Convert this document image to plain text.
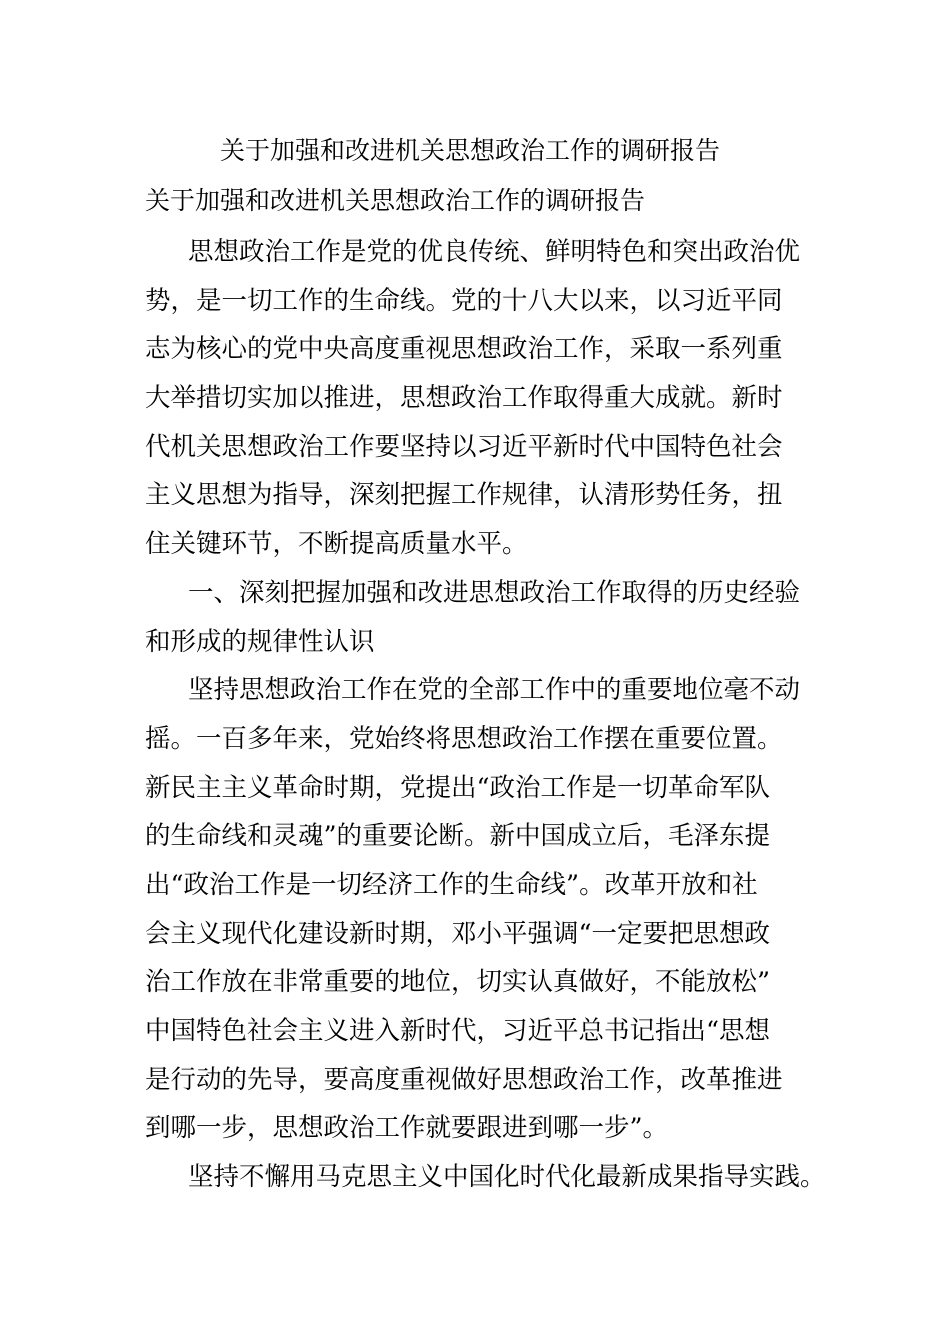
关于加强和改进机关思想政治工作的调研报告
关于加强和改进机关思想政治工作的调研报告
思想政治工作是党的优良传统、鲜明特色和突出政治优
势，是一切工作的生命线。党的十八大以来，以习近平同
志为核心的党中央高度重视思想政治工作，采取一系列重
大举措切实加以推进，思想政治工作取得重大成就。新时
代机关思想政治工作要坚持以习近平新时代中国特色社会
主义思想为指导，深刻把握工作规律，认清形势任务，扭
住关键环节，不断提高质量水平。
一、深刻把握加强和改进思想政治工作取得的历史经验
和形成的规律性认识
坚持思想政治工作在党的全部工作中的重要地位毫不动
摇。一百多年来，党始终将思想政治工作摆在重要位置。
新民主主义革命时期，党提出“政治工作是一切革命军队
的生命线和灵魂”的重要论断。新中国成立后，毛泽东提
出“政治工作是一切经济工作的生命线”。改革开放和社
会主义现代化建设新时期，邓小平强调“一定要把思想政
治工作放在非常重要的地位，切实认真做好，不能放松”
中国特色社会主义进入新时代，习近平总书记指出“思想
是行动的先导，要高度重视做好思想政治工作，改革推进
到哪一步，思想政治工作就要跟进到哪一步”。
坚持不懈用马克思主义中国化时代化最新成果指导实践。
